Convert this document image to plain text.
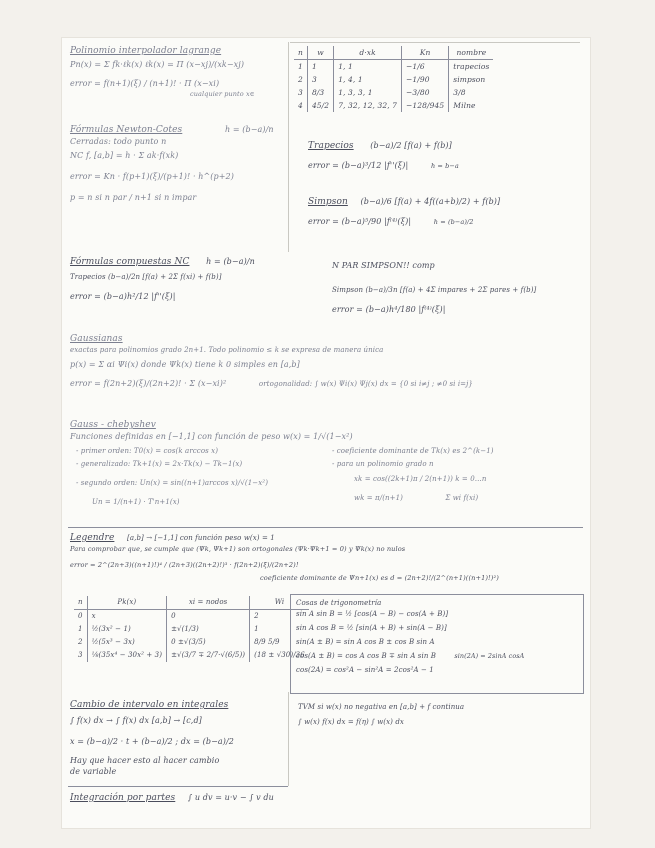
Polinomio interpolador lagrange
Pn(x) = Σ fk·ℓk(x) ℓk(x) = Π (x−xj)/(xk−xj)
error = f(n+1)(ξ) / (n+1)! · Π (x−xi)
cualquier punto x∈
Fórmulas Newton-Cotes	h = (b−a)/n
Cerradas: todo punto n
NC f, [a,b] = h · Σ ak·f(xk)
error = Kn · f(p+1)(ξ)/(p+1)! · h^(p+2)
p = n si n par / n+1 si n impar
n	w	d·xk	Kn	nombre
1	1	1, 1	−1/6	trapecios
2	3	1, 4, 1	−1/90	simpson
3	8/3	1, 3, 3, 1	−3/80	3/8
4	45/2	7, 32, 12, 32, 7	−128/945	Milne
Trapecios (b−a)/2 [f(a) + f(b)]
error = (b−a)³/12 |f''(ξ)|	h = b−a
Simpson (b−a)/6 [f(a) + 4f((a+b)/2) + f(b)]
error = (b−a)⁵/90 |f⁽⁴⁾(ξ)|	h = (b−a)/2
Fórmulas compuestas NC h = (b−a)/n
Trapecios (b−a)/2n [f(a) + 2Σ f(xi) + f(b)]
error = (b−a)h²/12 |f''(ξ)|
N PAR SIMPSON!! comp
Simpson (b−a)/3n [f(a) + 4Σ impares + 2Σ pares + f(b)]
error = (b−a)h⁴/180 |f⁽⁴⁾(ξ)|
Gaussianas
exactas para polinomios grado 2n+1. Todo polinomio ≤ k se expresa de manera única
p(x) = Σ αi Ψi(x) donde Ψk(x) tiene k 0 simples en [a,b]
error = f(2n+2)(ξ)/(2n+2)! · Σ (x−xi)²	ortogonalidad: ∫ w(x) Ψi(x) Ψj(x) dx = {0 si i≠j ; ≠0 si i=j}
Gauss - chebyshev
Funciones definidas en [−1,1] con función de peso w(x) = 1/√(1−x²)
- primer orden: T0(x) = cos(k arccos x)
- generalizado: Tk+1(x) = 2x·Tk(x) − Tk−1(x)
- segundo orden: Un(x) = sin((n+1)arccos x)/√(1−x²)
Un = 1/(n+1) · T'n+1(x)
- coeficiente dominante de Tk(x) es 2^(k−1)
- para un polinomio grado n
xk = cos((2k+1)π / 2(n+1)) k = 0…n
wk = π/(n+1)	Σ wi f(xi)
Legendre [a,b] → [−1,1] con función peso w(x) = 1
Para comprobar que, se cumple que (Ψk, Ψk+1) son ortogonales (Ψk·Ψk+1 = 0) y Ψk(x) no nulos
error = 2^(2n+3)((n+1)!)⁴ / (2n+3)((2n+2)!)³ · f(2n+2)(ξ)/(2n+2)!
coeficiente dominante de Ψn+1(x) es d = (2n+2)!/(2^(n+1)((n+1)!)²)
n	Pk(x)	xi = nodos	Wi
0	x	0	2
1	½(3x² − 1)	±√(1/3)	1
2	½(5x³ − 3x)	0 ±√(3/5)	8/9 5/9
3	⅛(35x⁴ − 30x² + 3)	±√(3/7 ∓ 2/7·√(6/5))	(18 ± √30)/36
Cosas de trigonometría
sin A sin B = ½ [cos(A − B) − cos(A + B)]
sin A cos B = ½ [sin(A + B) + sin(A − B)]
sin(A ± B) = sin A cos B ± cos B sin A
cos(A ± B) = cos A cos B ∓ sin A sin B	sin(2A) = 2sinA cosA
cos(2A) = cos²A − sin²A = 2cos²A − 1
Cambio de intervalo en integrales
∫ f(x) dx → ∫ f(x) dx [a,b] → [c,d]
x = (b−a)/2 · t + (b−a)/2 ; dx = (b−a)/2
Hay que hacer esto al hacer cambio
de variable
TVM si w(x) no negativa en [a,b] + f continua
∫ w(x) f(x) dx = f(η) ∫ w(x) dx
Integración por partes ∫ u dv = u·v − ∫ v du
